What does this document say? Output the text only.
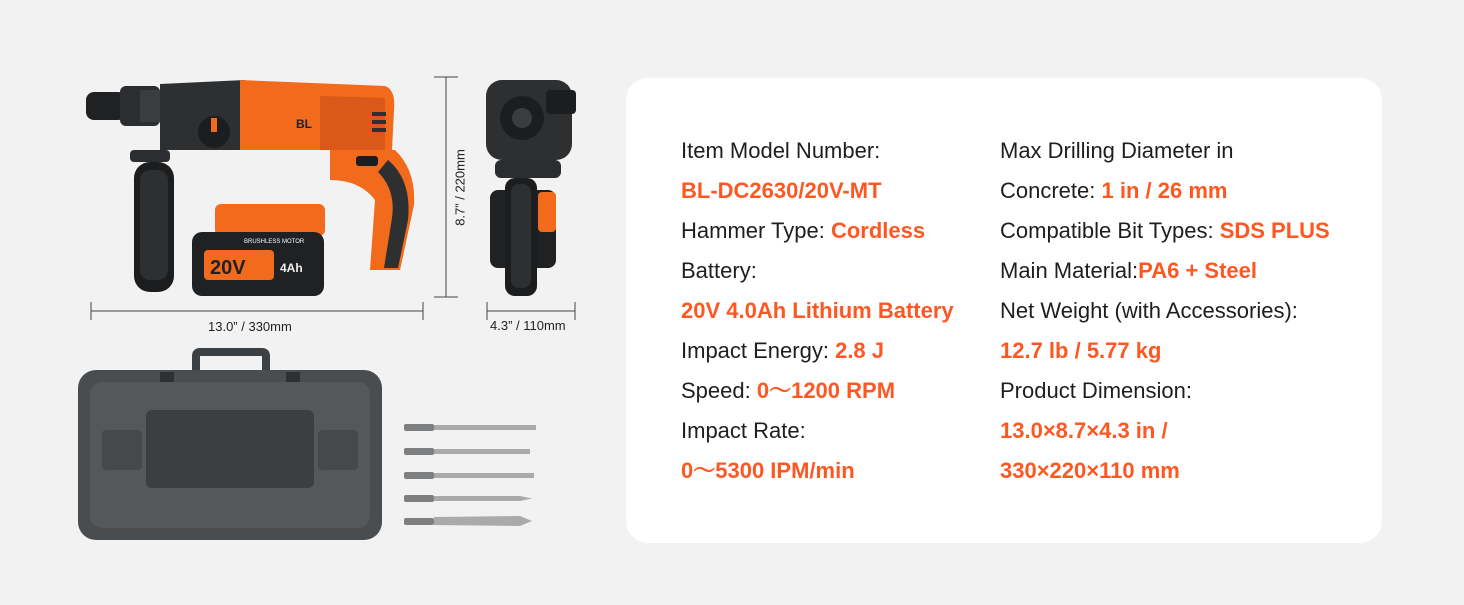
20V	4Ah
BRUSHLESS MOTOR
BL
13.0” / 330mm
8.7” / 220mm
4.3” / 110mm
Item Model Number:
BL-DC2630/20V-MT
Hammer Type: Cordless
Battery:
20V 4.0Ah Lithium Battery
Impact Energy: 2.8 J
Speed: 0～1200 RPM
Impact Rate:
0～5300 IPM/min
Max Drilling Diameter in
Concrete: 1 in / 26 mm
Compatible Bit Types: SDS PLUS
Main Material:PA6 + Steel
Net Weight (with Accessories):
12.7 lb / 5.77 kg
Product Dimension:
13.0×8.7×4.3 in /
330×220×110 mm
